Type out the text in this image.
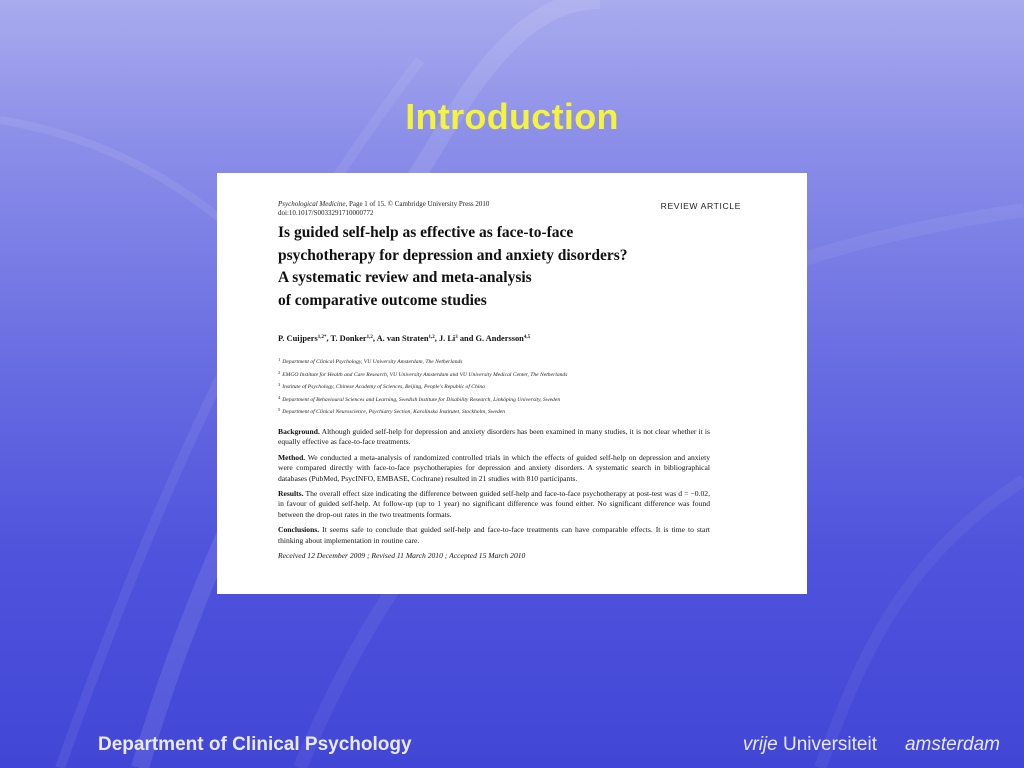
Introduction
Psychological Medicine, Page 1 of 15. © Cambridge University Press 2010
doi:10.1017/S0033291710000772
REVIEW ARTICLE
Is guided self-help as effective as face-to-face
psychotherapy for depression and anxiety disorders?
A systematic review and meta-analysis
of comparative outcome studies
P. Cuijpers$^{1,2*}$, T. Donker$^{1,2}$, A. van Straten$^{1,2}$, J. Li$^3$ and G. Andersson$^{4,5}$
$^1$ Department of Clinical Psychology, VU University Amsterdam, The Netherlands
$^2$ EMGO Institute for Health and Care Research, VU University Amsterdam and VU University Medical Center, The Netherlands
$^3$ Institute of Psychology, Chinese Academy of Sciences, Beijing, People's Republic of China
$^4$ Department of Behavioural Sciences and Learning, Swedish Institute for Disability Research, Linköping University, Sweden
$^5$ Department of Clinical Neuroscience, Psychiatry Section, Karolinska Institutet, Stockholm, Sweden

Background. Although guided self-help for depression and anxiety disorders has been examined in many studies, it is not clear whether it is equally effective as face-to-face treatments.

Method. We conducted a meta-analysis of randomized controlled trials in which the effects of guided self-help on depression and anxiety were compared directly with face-to-face psychotherapies for depression and anxiety disorders. A systematic search in bibliographical databases (PubMed, PsycINFO, EMBASE, Cochrane) resulted in 21 studies with 810 participants.

Results. The overall effect size indicating the difference between guided self-help and face-to-face psychotherapy at post-test was d = −0.02, in favour of guided self-help. At follow-up (up to 1 year) no significant difference was found either. No significant difference was found between the drop-out rates in the two treatments formats.

Conclusions. It seems safe to conclude that guided self-help and face-to-face treatments can have comparable effects. It is time to start thinking about implementation in routine care.

Received 12 December 2009 ; Revised 11 March 2010 ; Accepted 15 March 2010
Department of Clinical Psychology	vrije Universiteit amsterdam
